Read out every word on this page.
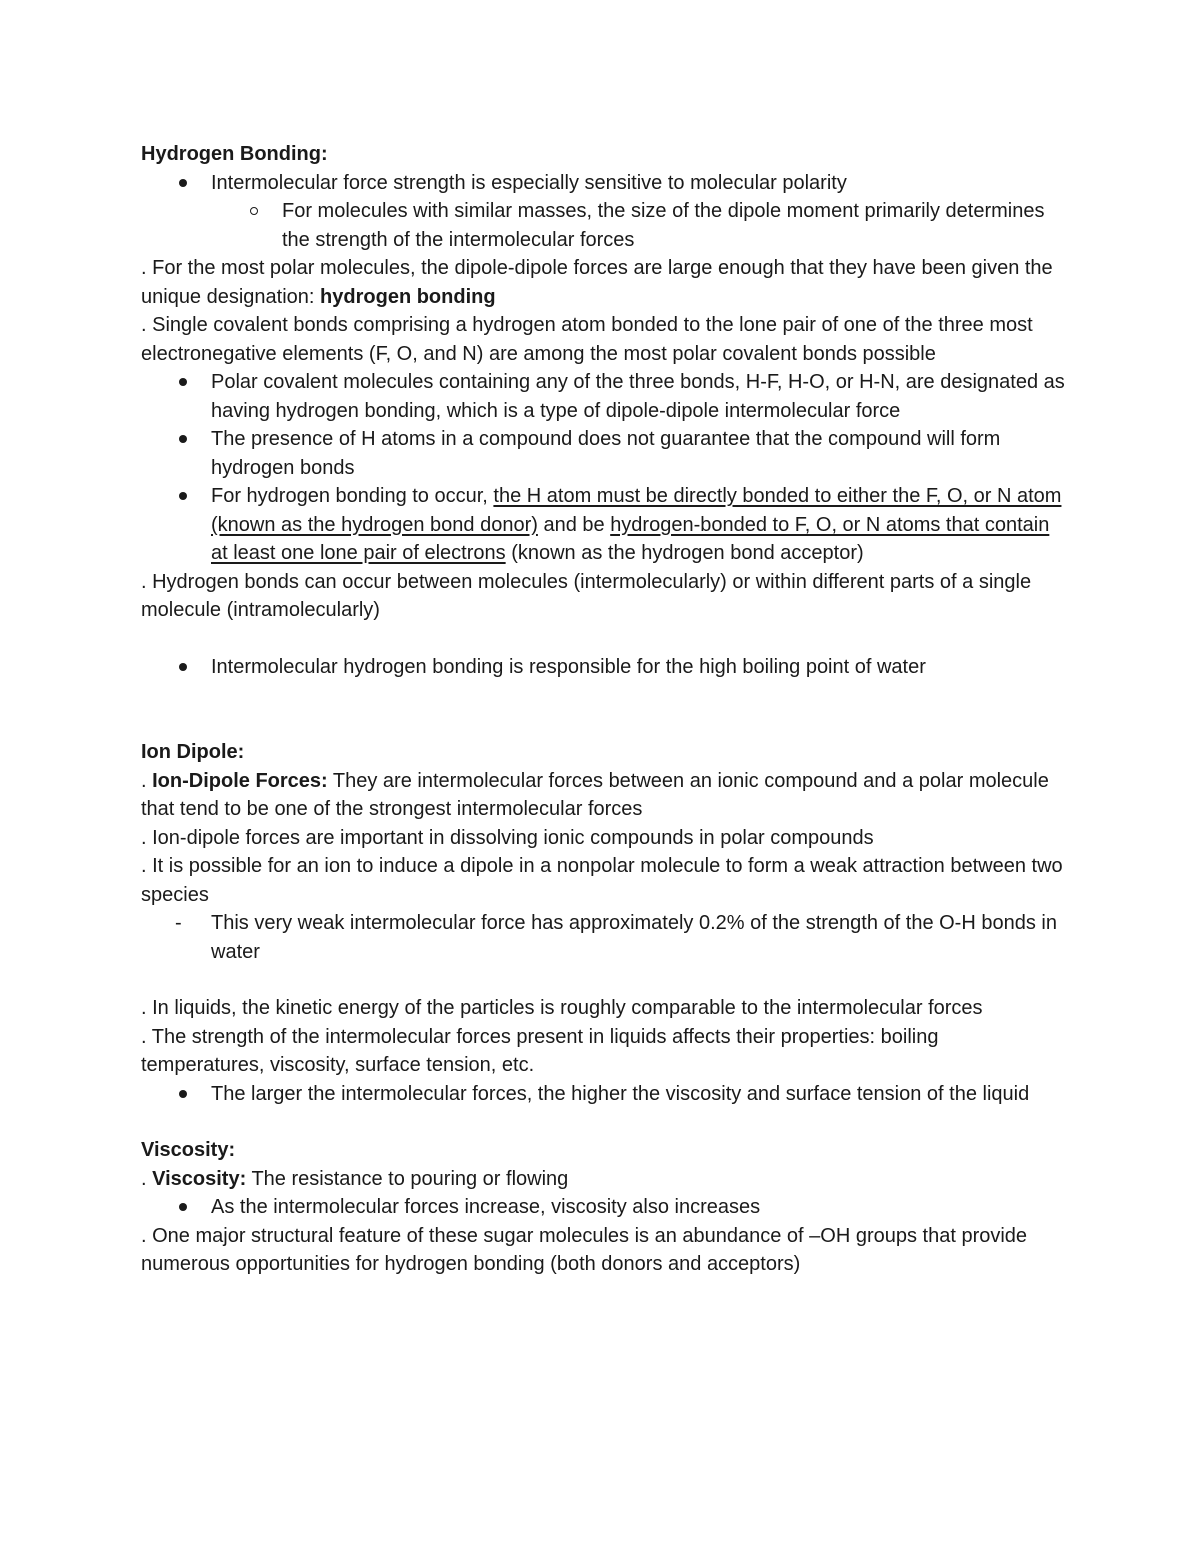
Hydrogen Bonding:
Intermolecular force strength is especially sensitive to molecular polarity
For molecules with similar masses, the size of the dipole moment primarily determines the strength of the intermolecular forces
. For the most polar molecules, the dipole-dipole forces are large enough that they have been given the unique designation: hydrogen bonding
. Single covalent bonds comprising a hydrogen atom bonded to the lone pair of one of the three most electronegative elements (F, O, and N) are among the most polar covalent bonds possible
Polar covalent molecules containing any of the three bonds, H-F, H-O, or H-N, are designated as having hydrogen bonding, which is a type of dipole-dipole intermolecular force
The presence of H atoms in a compound does not guarantee that the compound will form hydrogen bonds
For hydrogen bonding to occur, the H atom must be directly bonded to either the F, O, or N atom (known as the hydrogen bond donor) and be hydrogen-bonded to F, O, or N atoms that contain at least one lone pair of electrons (known as the hydrogen bond acceptor)
. Hydrogen bonds can occur between molecules (intermolecularly) or within different parts of a single molecule (intramolecularly)
Intermolecular hydrogen bonding is responsible for the high boiling point of water
Ion Dipole:
. Ion-Dipole Forces: They are intermolecular forces between an ionic compound and a polar molecule that tend to be one of the strongest intermolecular forces
. Ion-dipole forces are important in dissolving ionic compounds in polar compounds
. It is possible for an ion to induce a dipole in a nonpolar molecule to form a weak attraction between two species
-	This very weak intermolecular force has approximately 0.2% of the strength of the O-H bonds in water
. In liquids, the kinetic energy of the particles is roughly comparable to the intermolecular forces
. The strength of the intermolecular forces present in liquids affects their properties: boiling temperatures, viscosity, surface tension, etc.
The larger the intermolecular forces, the higher the viscosity and surface tension of the liquid
Viscosity:
. Viscosity: The resistance to pouring or flowing
As the intermolecular forces increase, viscosity also increases
. One major structural feature of these sugar molecules is an abundance of –OH groups that provide numerous opportunities for hydrogen bonding (both donors and acceptors)
